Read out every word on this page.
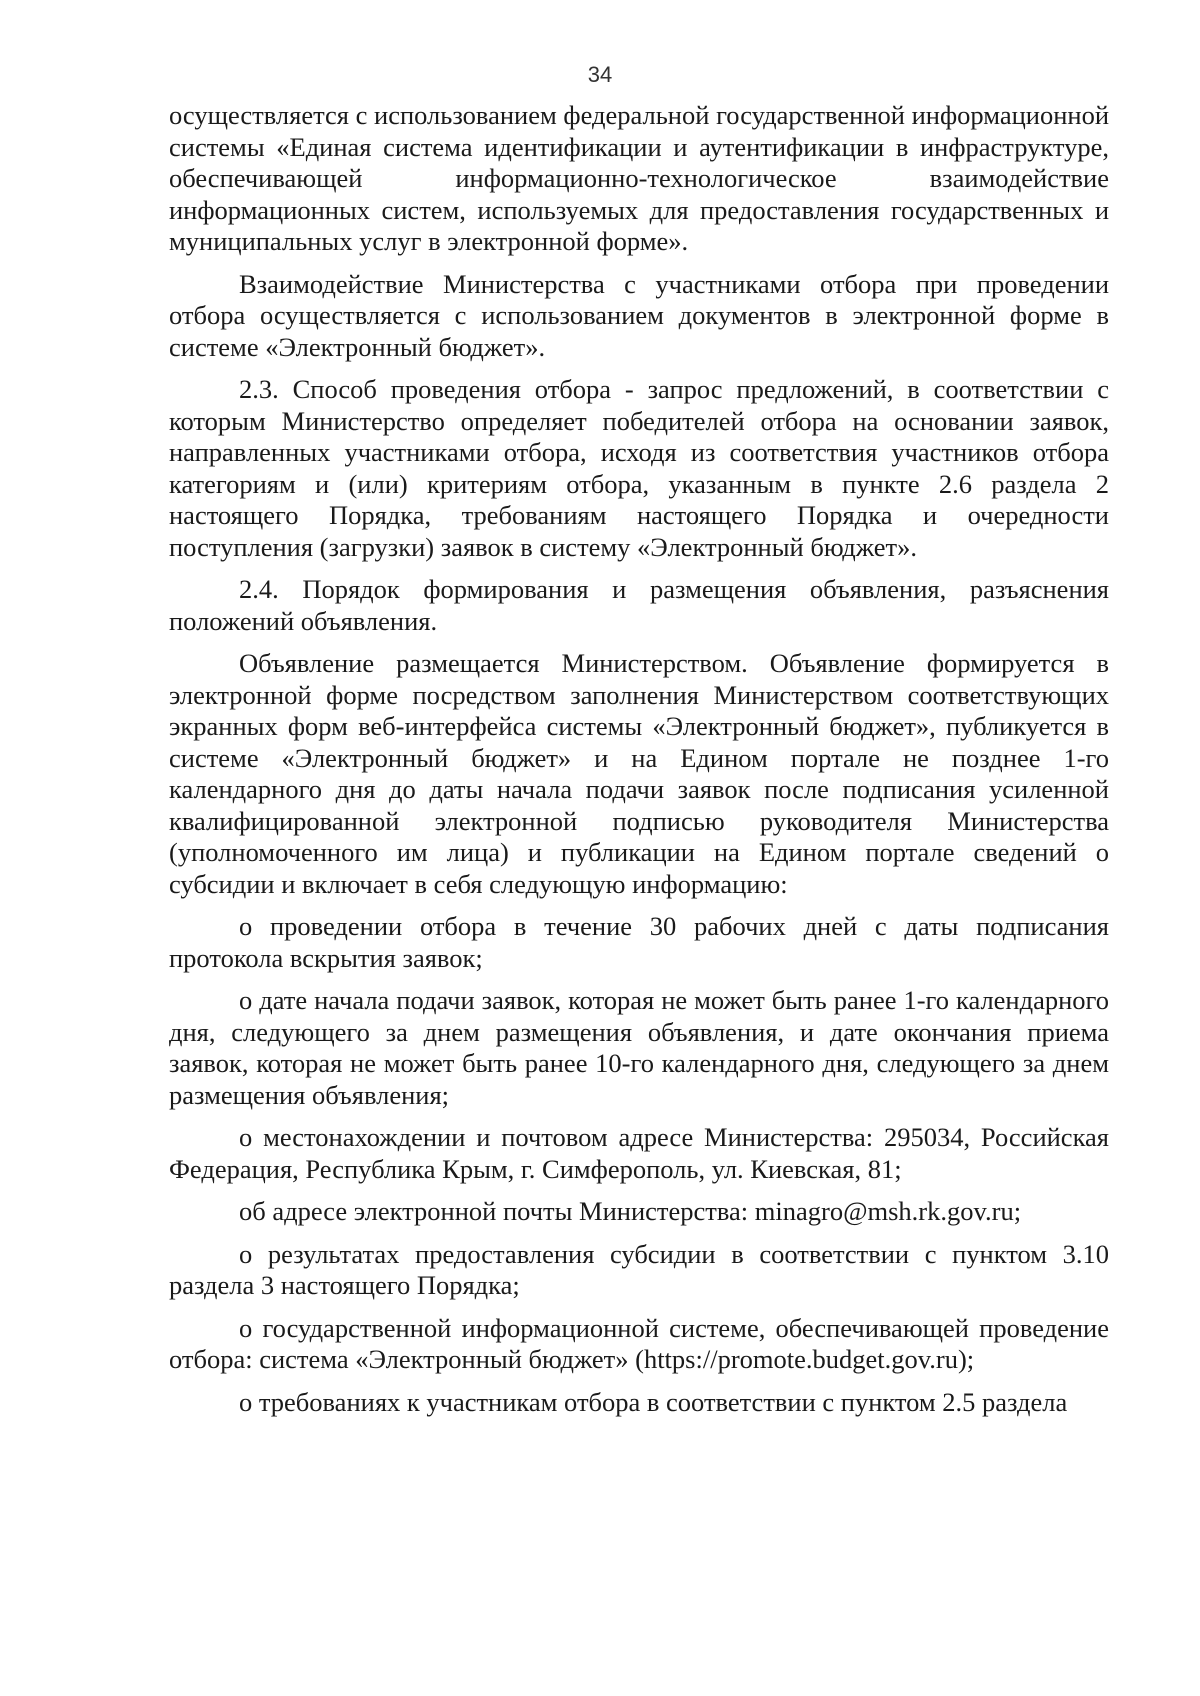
34

осуществляется с использованием федеральной государственной информационной системы «Единая система идентификации и аутентификации в инфраструктуре, обеспечивающей информационно-технологическое взаимодействие информационных систем, используемых для предоставления государственных и муниципальных услуг в электронной форме».

Взаимодействие Министерства с участниками отбора при проведении отбора осуществляется с использованием документов в электронной форме в системе «Электронный бюджет».

2.3. Способ проведения отбора - запрос предложений, в соответствии с которым Министерство определяет победителей отбора на основании заявок, направленных участниками отбора, исходя из соответствия участников отбора категориям и (или) критериям отбора, указанным в пункте 2.6 раздела 2 настоящего Порядка, требованиям настоящего Порядка и очередности поступления (загрузки) заявок в систему «Электронный бюджет».

2.4. Порядок формирования и размещения объявления, разъяснения положений объявления.

Объявление размещается Министерством. Объявление формируется в электронной форме посредством заполнения Министерством соответствующих экранных форм веб-интерфейса системы «Электронный бюджет», публикуется в системе «Электронный бюджет» и на Едином портале не позднее 1-го календарного дня до даты начала подачи заявок после подписания усиленной квалифицированной электронной подписью руководителя Министерства (уполномоченного им лица) и публикации на Едином портале сведений о субсидии и включает в себя следующую информацию:

о проведении отбора в течение 30 рабочих дней с даты подписания протокола вскрытия заявок;

о дате начала подачи заявок, которая не может быть ранее 1-го календарного дня, следующего за днем размещения объявления, и дате окончания приема заявок, которая не может быть ранее 10-го календарного дня, следующего за днем размещения объявления;

о местонахождении и почтовом адресе Министерства: 295034, Российская Федерация, Республика Крым, г. Симферополь, ул. Киевская, 81;

об адресе электронной почты Министерства: minagro@msh.rk.gov.ru;

о результатах предоставления субсидии в соответствии с пунктом 3.10 раздела 3 настоящего Порядка;

о государственной информационной системе, обеспечивающей проведение отбора: система «Электронный бюджет» (https://promote.budget.gov.ru);

о требованиях к участникам отбора в соответствии с пунктом 2.5 раздела
